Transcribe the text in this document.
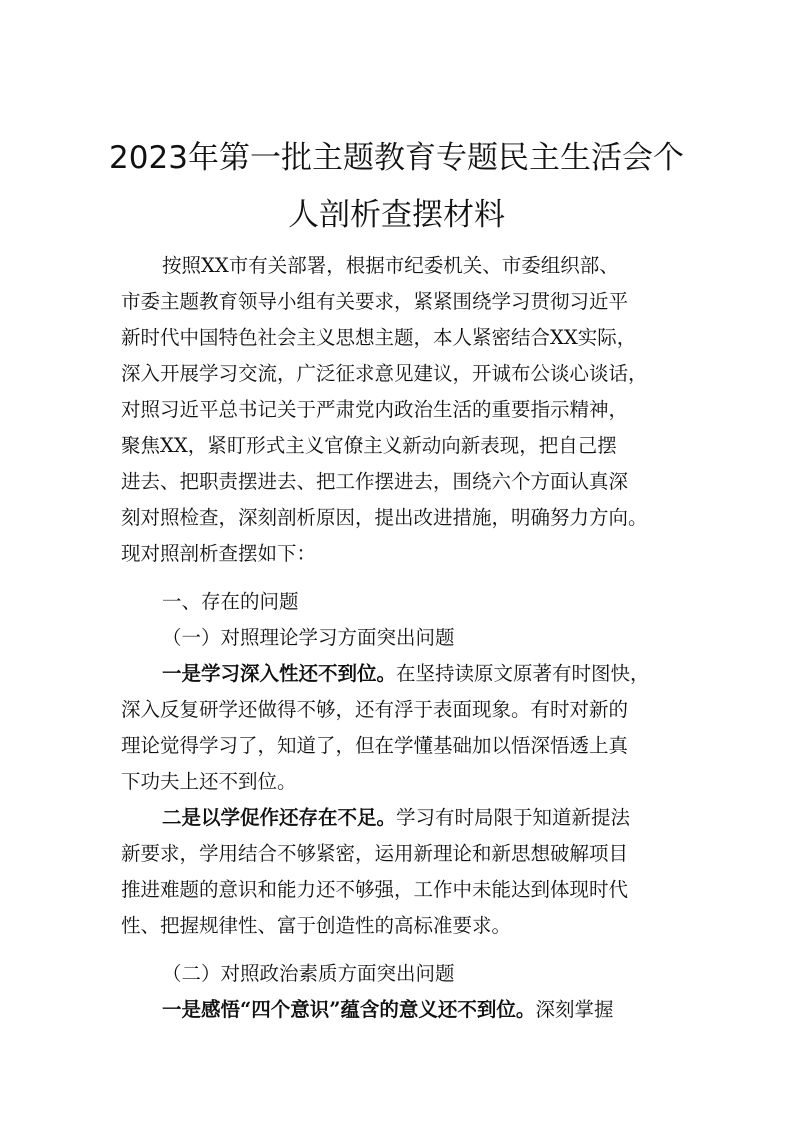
2023年第一批主题教育专题民主生活会个
人剖析查摆材料
按照XX市有关部署，根据市纪委机关、市委组织部、
市委主题教育领导小组有关要求，紧紧围绕学习贯彻习近平
新时代中国特色社会主义思想主题，本人紧密结合XX实际，
深入开展学习交流，广泛征求意见建议，开诚布公谈心谈话，
对照习近平总书记关于严肃党内政治生活的重要指示精神，
聚焦XX，紧盯形式主义官僚主义新动向新表现，把自己摆
进去、把职责摆进去、把工作摆进去，围绕六个方面认真深
刻对照检查，深刻剖析原因，提出改进措施，明确努力方向。
现对照剖析查摆如下：
一、存在的问题
（一）对照理论学习方面突出问题
一是学习深入性还不到位。在坚持读原文原著有时图快，
深入反复研学还做得不够，还有浮于表面现象。有时对新的
理论觉得学习了，知道了，但在学懂基础加以悟深悟透上真
下功夫上还不到位。
二是以学促作还存在不足。学习有时局限于知道新提法
新要求，学用结合不够紧密，运用新理论和新思想破解项目
推进难题的意识和能力还不够强，工作中未能达到体现时代
性、把握规律性、富于创造性的高标准要求。
（二）对照政治素质方面突出问题
一是感悟“四个意识”蕴含的意义还不到位。深刻掌握
